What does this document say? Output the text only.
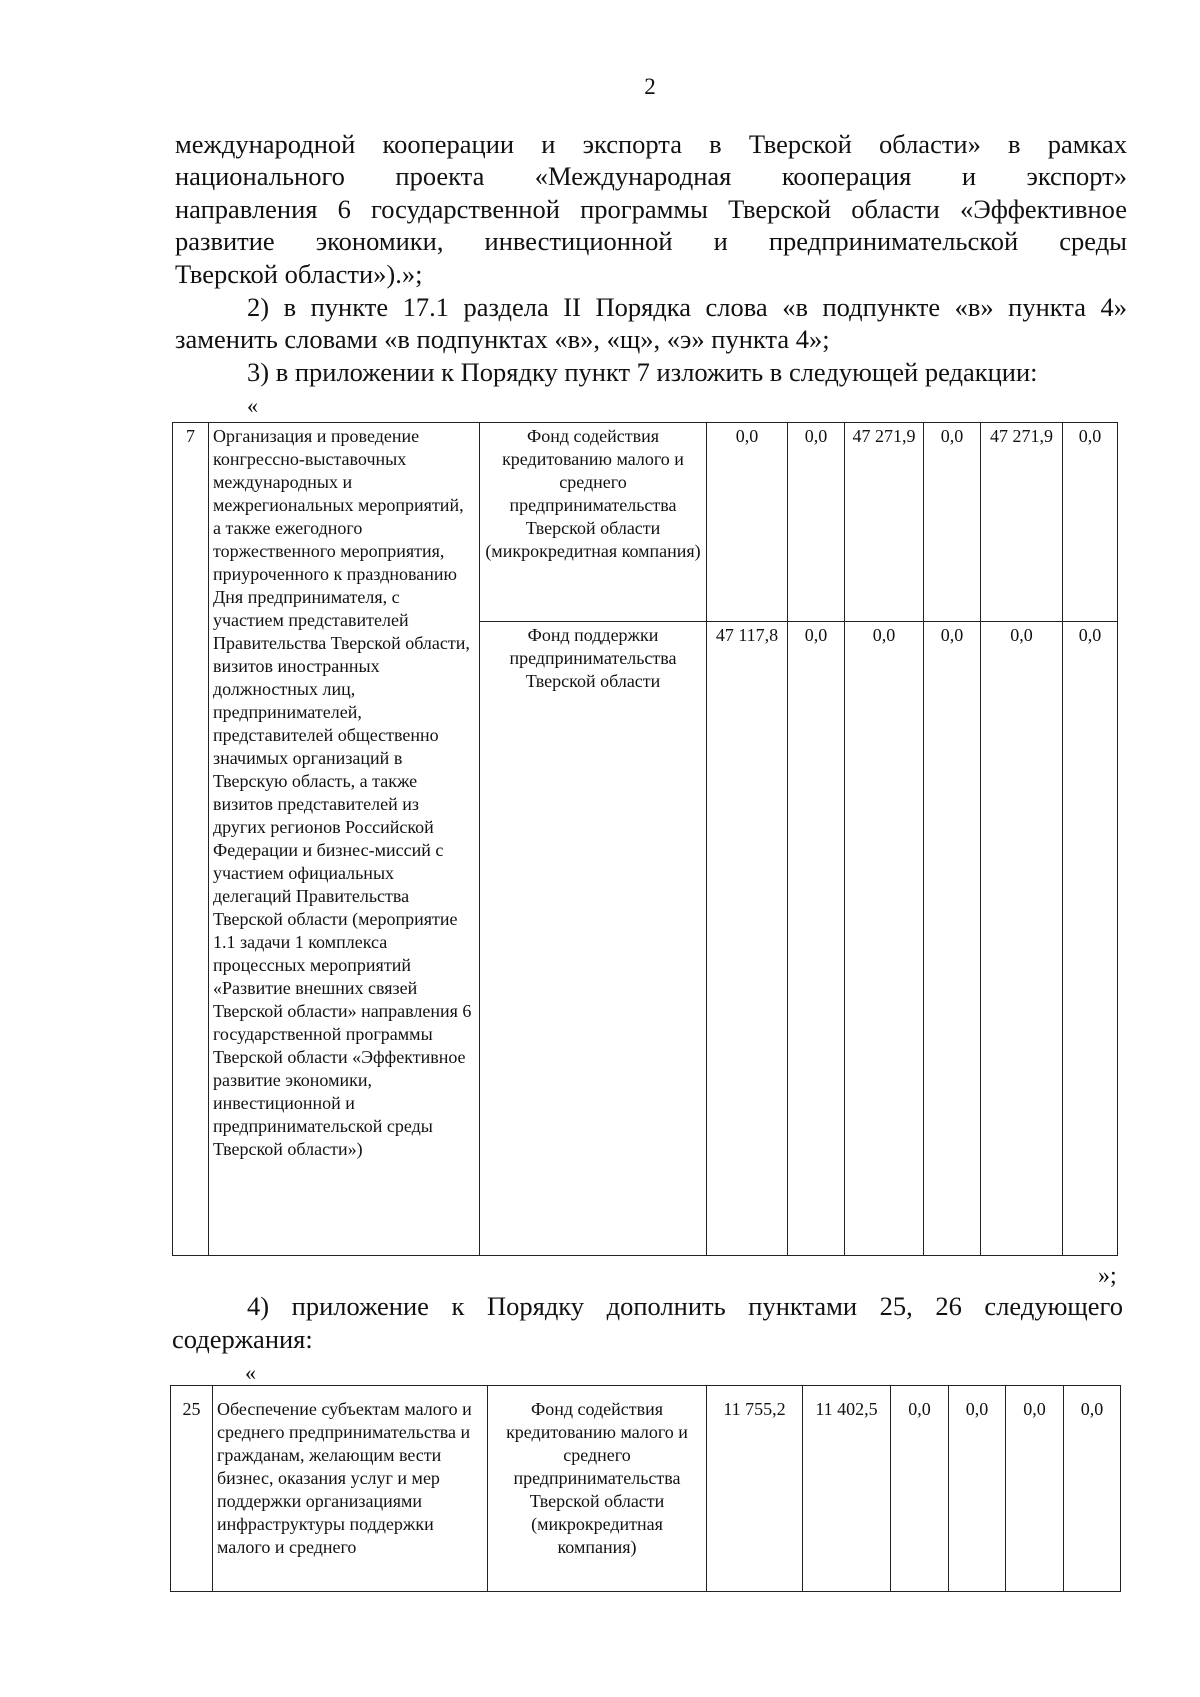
2

международной кооперации и экспорта в Тверской области» в рамках

национального проекта «Международная кооперация и экспорт»

направления 6 государственной программы Тверской области «Эффективное

развитие экономики, инвестиционной и предпринимательской среды

Тверской области»).»;

2) в пункте 17.1 раздела II Порядка слова «в подпункте «в» пункта 4»

заменить словами «в подпунктах «в», «щ», «э» пункта 4»;

3) в приложении к Порядку пункт 7 изложить в следующей редакции:

«
7	Организация и проведение конгрессно-выставочных международных и межрегиональных мероприятий, а также ежегодного торжественного мероприятия, приуроченного к празднованию Дня предпринимателя, с участием представителей Правительства Тверской области, визитов иностранных должностных лиц, предпринимателей, представителей общественно значимых организаций в Тверскую область, а также визитов представителей из других регионов Российской Федерации и бизнес-миссий с участием официальных делегаций Правительства Тверской области (мероприятие 1.1 задачи 1 комплекса процессных мероприятий «Развитие внешних связей Тверской области» направления 6 государственной программы Тверской области «Эффективное развитие экономики, инвестиционной и предпринимательской среды Тверской области»)	Фонд содействия кредитованию малого и среднего предпринимательства Тверской области (микрокредитная компания)	0,0	0,0	47 271,9	0,0	47 271,9	0,0
		Фонд поддержки предпринимательства Тверской области	47 117,8	0,0	0,0	0,0	0,0	0,0
»;

4) приложение к Порядку дополнить пунктами 25, 26 следующего

содержания:

«
25	Обеспечение субъектам малого и среднего предпринимательства и гражданам, желающим вести бизнес, оказания услуг и мер поддержки организациями инфраструктуры поддержки малого и среднего	Фонд содействия кредитованию малого и среднего предпринимательства Тверской области (микрокредитная компания)	11 755,2	11 402,5	0,0	0,0	0,0	0,0
